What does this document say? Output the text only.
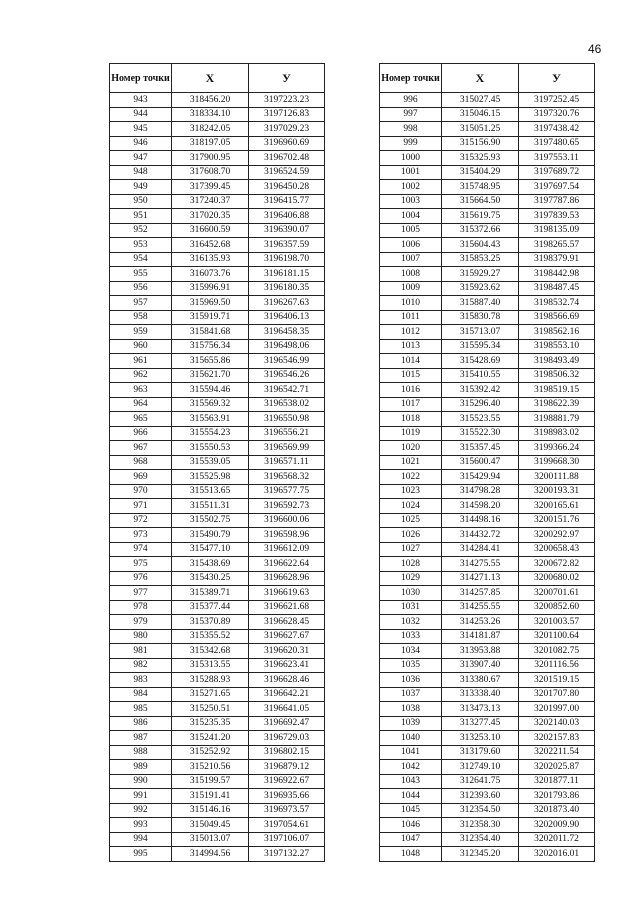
46
Номер точки	X	У
943	318456.20	3197223.23
944	318334.10	3197126.83
945	318242.05	3197029.23
946	318197.05	3196960.69
947	317900.95	3196702.48
948	317608.70	3196524.59
949	317399.45	3196450.28
950	317240.37	3196415.77
951	317020.35	3196406.88
952	316600.59	3196390.07
953	316452.68	3196357.59
954	316135.93	3196198.70
955	316073.76	3196181.15
956	315996.91	3196180.35
957	315969.50	3196267.63
958	315919.71	3196406.13
959	315841.68	3196458.35
960	315756.34	3196498.06
961	315655.86	3196546.99
962	315621.70	3196546.26
963	315594.46	3196542.71
964	315569.32	3196538.02
965	315563.91	3196550.98
966	315554.23	3196556.21
967	315550.53	3196569.99
968	315539.05	3196571.11
969	315525.98	3196568.32
970	315513.65	3196577.75
971	315511.31	3196592.73
972	315502.75	3196600.06
973	315490.79	3196598.96
974	315477.10	3196612.09
975	315438.69	3196622.64
976	315430.25	3196628.96
977	315389.71	3196619.63
978	315377.44	3196621.68
979	315370.89	3196628.45
980	315355.52	3196627.67
981	315342.68	3196620.31
982	315313.55	3196623.41
983	315288.93	3196628.46
984	315271.65	3196642.21
985	315250.51	3196641.05
986	315235.35	3196692.47
987	315241.20	3196729.03
988	315252.92	3196802.15
989	315210.56	3196879.12
990	315199.57	3196922.67
991	315191.41	3196935.66
992	315146.16	3196973.57
993	315049.45	3197054.61
994	315013.07	3197106.07
995	314994.56	3197132.27
Номер точки	X	У
996	315027.45	3197252.45
997	315046.15	3197320.76
998	315051.25	3197438.42
999	315156.90	3197480.65
1000	315325.93	3197553.11
1001	315404.29	3197689.72
1002	315748.95	3197697.54
1003	315664.50	3197787.86
1004	315619.75	3197839.53
1005	315372.66	3198135.09
1006	315604.43	3198265.57
1007	315853.25	3198379.91
1008	315929.27	3198442.98
1009	315923.62	3198487.45
1010	315887.40	3198532.74
1011	315830.78	3198566.69
1012	315713.07	3198562.16
1013	315595.34	3198553.10
1014	315428.69	3198493.49
1015	315410.55	3198506.32
1016	315392.42	3198519.15
1017	315296.40	3198622.39
1018	315523.55	3198881.79
1019	315522.30	3198983.02
1020	315357.45	3199366.24
1021	315600.47	3199668.30
1022	315429.94	3200111.88
1023	314798.28	3200193.31
1024	314598.20	3200165.61
1025	314498.16	3200151.76
1026	314432.72	3200292.97
1027	314284.41	3200658.43
1028	314275.55	3200672.82
1029	314271.13	3200680.02
1030	314257.85	3200701.61
1031	314255.55	3200852.60
1032	314253.26	3201003.57
1033	314181.87	3201100.64
1034	313953.88	3201082.75
1035	313907.40	3201116.56
1036	313380.67	3201519.15
1037	313338.40	3201707.80
1038	313473.13	3201997.00
1039	313277.45	3202140.03
1040	313253.10	3202157.83
1041	313179.60	3202211.54
1042	312749.10	3202025.87
1043	312641.75	3201877.11
1044	312393.60	3201793.86
1045	312354.50	3201873.40
1046	312358.30	3202009.90
1047	312354.40	3202011.72
1048	312345.20	3202016.01
